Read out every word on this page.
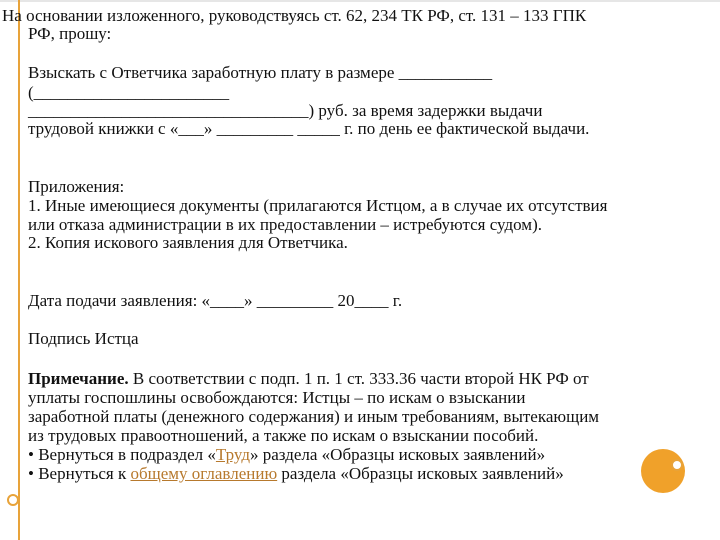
На основании изложенного, руководствуясь ст. 62, 234 ТК РФ, ст. 131 – 133 ГПК
РФ, прошу:
Взыскать с Ответчика заработную плату в размере ___________
(_______________________
_________________________________) руб. за время задержки выдачи
трудовой книжки с «___» _________ _____ г. по день ее фактической выдачи.
Приложения:
1. Иные имеющиеся документы (прилагаются Истцом, а в случае их отсутствия
или отказа администрации в их предоставлении – истребуются судом).
2. Копия искового заявления для Ответчика.
Дата подачи заявления: «____» _________ 20____ г.
Подпись Истца
Примечание. В соответствии с подп. 1 п. 1 ст. 333.36 части второй НК РФ от
уплаты госпошлины освобождаются: Истцы – по искам о взыскании
заработной платы (денежного содержания) и иным требованиям, вытекающим
из трудовых правоотношений, а также по искам о взыскании пособий.
• Вернуться в подраздел «Труд» раздела «Образцы исковых заявлений»
• Вернуться к общему оглавлению раздела «Образцы исковых заявлений»
